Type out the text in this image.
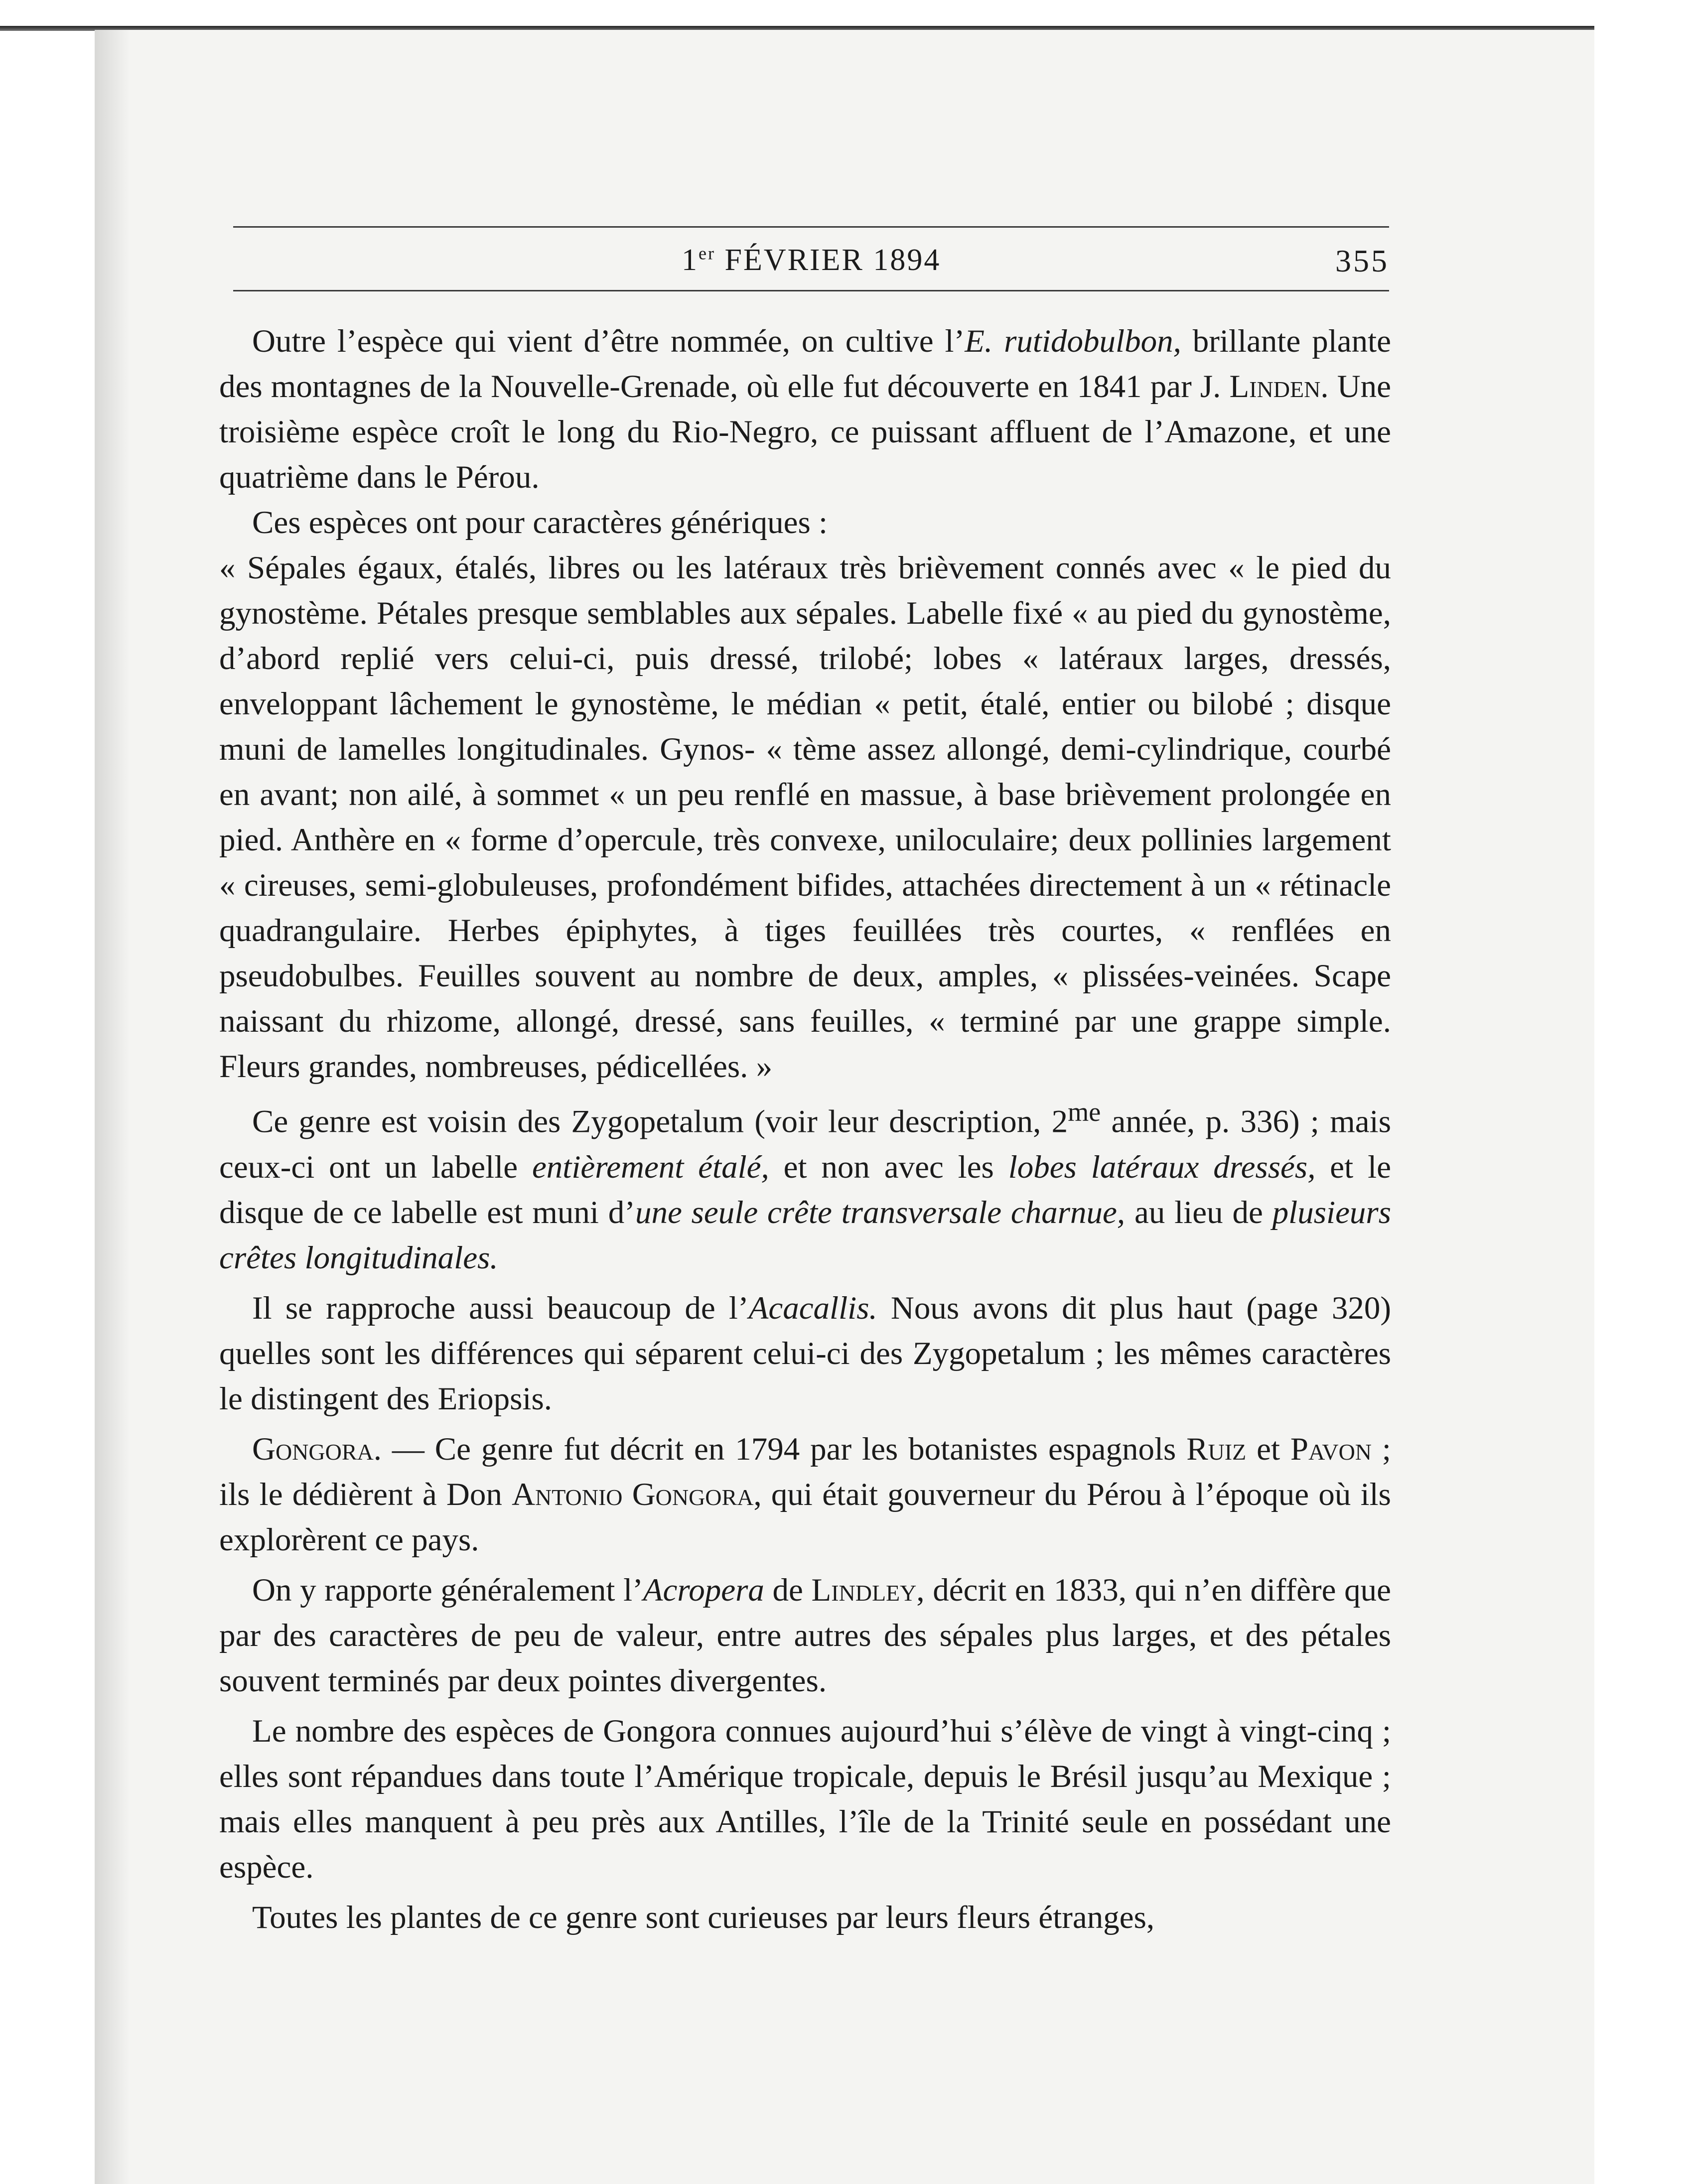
1er FÉVRIER 1894	355

Outre l’espèce qui vient d’être nommée, on cultive l’E. rutidobulbon, brillante plante des montagnes de la Nouvelle-Grenade, où elle fut découverte en 1841 par J. Linden. Une troisième espèce croît le long du Rio-Negro, ce puissant affluent de l’Amazone, et une quatrième dans le Pérou.

Ces espèces ont pour caractères génériques :

« Sépales égaux, étalés, libres ou les latéraux très brièvement connés avec « le pied du gynostème. Pétales presque semblables aux sépales. Labelle fixé « au pied du gynostème, d’abord replié vers celui-ci, puis dressé, trilobé; lobes « latéraux larges, dressés, enveloppant lâchement le gynostème, le médian « petit, étalé, entier ou bilobé ; disque muni de lamelles longitudinales. Gynos- « tème assez allongé, demi-cylindrique, courbé en avant; non ailé, à sommet « un peu renflé en massue, à base brièvement prolongée en pied. Anthère en « forme d’opercule, très convexe, uniloculaire; deux pollinies largement « cireuses, semi-globuleuses, profondément bifides, attachées directement à un « rétinacle quadrangulaire. Herbes épiphytes, à tiges feuillées très courtes, « renflées en pseudobulbes. Feuilles souvent au nombre de deux, amples, « plissées-veinées. Scape naissant du rhizome, allongé, dressé, sans feuilles, « terminé par une grappe simple. Fleurs grandes, nombreuses, pédicellées. »

Ce genre est voisin des Zygopetalum (voir leur description, $2^{me}$ année, p. 336) ; mais ceux-ci ont un labelle entièrement étalé, et non avec les lobes latéraux dressés, et le disque de ce labelle est muni d’une seule crête transversale charnue, au lieu de plusieurs crêtes longitudinales.

Il se rapproche aussi beaucoup de l’Acacallis. Nous avons dit plus haut (page 320) quelles sont les différences qui séparent celui-ci des Zygopetalum ; les mêmes caractères le distingent des Eriopsis.

Gongora. — Ce genre fut décrit en 1794 par les botanistes espagnols Ruiz et Pavon ; ils le dédièrent à Don Antonio Gongora, qui était gouverneur du Pérou à l’époque où ils explorèrent ce pays.

On y rapporte généralement l’Acropera de Lindley, décrit en 1833, qui n’en diffère que par des caractères de peu de valeur, entre autres des sépales plus larges, et des pétales souvent terminés par deux pointes divergentes.

Le nombre des espèces de Gongora connues aujourd’hui s’élève de vingt à vingt-cinq ; elles sont répandues dans toute l’Amérique tropicale, depuis le Brésil jusqu’au Mexique ; mais elles manquent à peu près aux Antilles, l’île de la Trinité seule en possédant une espèce.

Toutes les plantes de ce genre sont curieuses par leurs fleurs étranges,
